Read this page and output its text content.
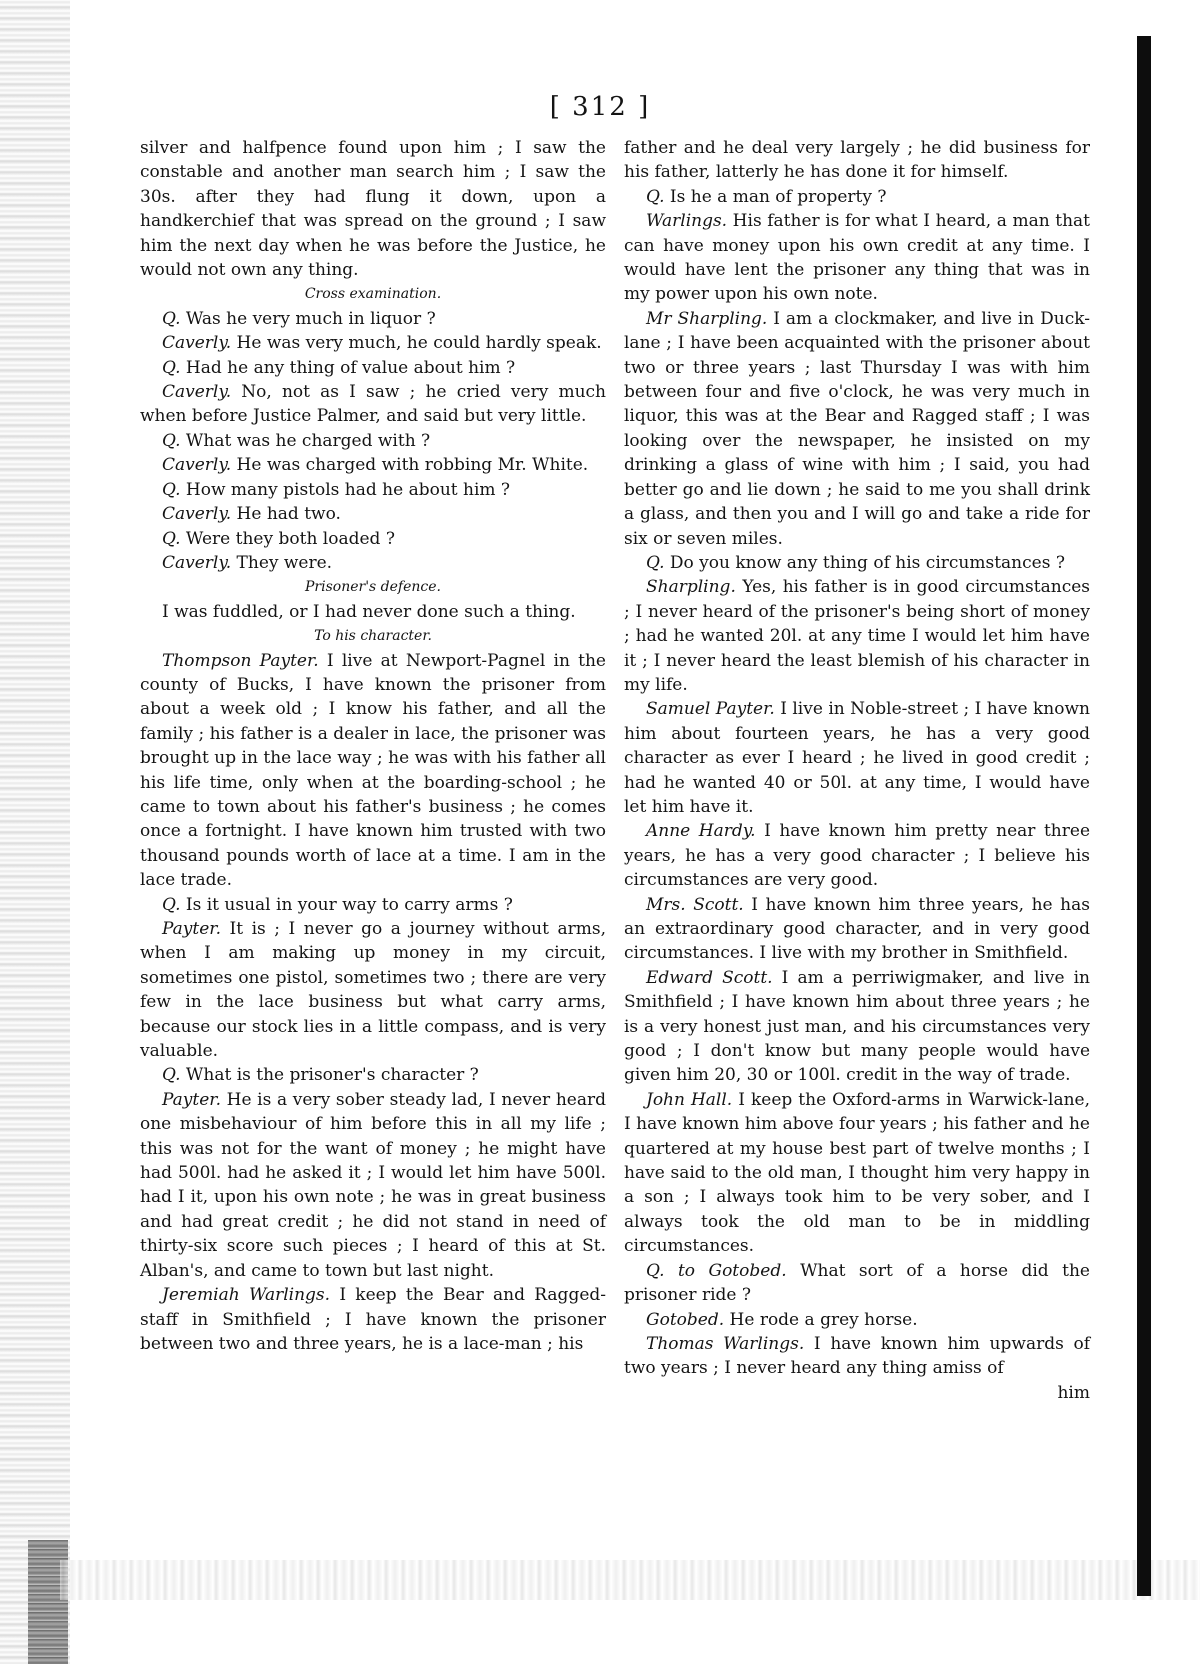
[ 312 ]

silver and halfpence found upon him ; I saw the constable and another man search him ; I saw the 30s. after they had flung it down, upon a handkerchief that was spread on the ground ; I saw him the next day when he was before the Justice, he would not own any thing.

Cross examination.

Q. Was he very much in liquor ?

Caverly. He was very much, he could hardly speak.

Q. Had he any thing of value about him ?

Caverly. No, not as I saw ; he cried very much when before Justice Palmer, and said but very little.

Q. What was he charged with ?

Caverly. He was charged with robbing Mr. White.

Q. How many pistols had he about him ?

Caverly. He had two.

Q. Were they both loaded ?

Caverly. They were.

Prisoner's defence.

I was fuddled, or I had never done such a thing.

To his character.

Thompson Payter. I live at Newport-Pagnel in the county of Bucks, I have known the prisoner from about a week old ; I know his father, and all the family ; his father is a dealer in lace, the prisoner was brought up in the lace way ; he was with his father all his life time, only when at the boarding-school ; he came to town about his father's business ; he comes once a fortnight. I have known him trusted with two thousand pounds worth of lace at a time. I am in the lace trade.

Q. Is it usual in your way to carry arms ?

Payter. It is ; I never go a journey without arms, when I am making up money in my circuit, sometimes one pistol, sometimes two ; there are very few in the lace business but what carry arms, because our stock lies in a little compass, and is very valuable.

Q. What is the prisoner's character ?

Payter. He is a very sober steady lad, I never heard one misbehaviour of him before this in all my life ; this was not for the want of money ; he might have had 500l. had he asked it ; I would let him have 500l. had I it, upon his own note ; he was in great business and had great credit ; he did not stand in need of thirty-six score such pieces ; I heard of this at St. Alban's, and came to town but last night.

Jeremiah Warlings. I keep the Bear and Ragged-staff in Smithfield ; I have known the prisoner between two and three years, he is a lace-man ; his

father and he deal very largely ; he did business for his father, latterly he has done it for himself.

Q. Is he a man of property ?

Warlings. His father is for what I heard, a man that can have money upon his own credit at any time. I would have lent the prisoner any thing that was in my power upon his own note.

Mr Sharpling. I am a clockmaker, and live in Duck-lane ; I have been acquainted with the prisoner about two or three years ; last Thursday I was with him between four and five o'clock, he was very much in liquor, this was at the Bear and Ragged staff ; I was looking over the newspaper, he insisted on my drinking a glass of wine with him ; I said, you had better go and lie down ; he said to me you shall drink a glass, and then you and I will go and take a ride for six or seven miles.

Q. Do you know any thing of his circumstances ?

Sharpling. Yes, his father is in good circumstances ; I never heard of the prisoner's being short of money ; had he wanted 20l. at any time I would let him have it ; I never heard the least blemish of his character in my life.

Samuel Payter. I live in Noble-street ; I have known him about fourteen years, he has a very good character as ever I heard ; he lived in good credit ; had he wanted 40 or 50l. at any time, I would have let him have it.

Anne Hardy. I have known him pretty near three years, he has a very good character ; I believe his circumstances are very good.

Mrs. Scott. I have known him three years, he has an extraordinary good character, and in very good circumstances. I live with my brother in Smithfield.

Edward Scott. I am a perriwigmaker, and live in Smithfield ; I have known him about three years ; he is a very honest just man, and his circumstances very good ; I don't know but many people would have given him 20, 30 or 100l. credit in the way of trade.

John Hall. I keep the Oxford-arms in Warwick-lane, I have known him above four years ; his father and he quartered at my house best part of twelve months ; I have said to the old man, I thought him very happy in a son ; I always took him to be very sober, and I always took the old man to be in middling circumstances.

Q. to Gotobed. What sort of a horse did the prisoner ride ?

Gotobed. He rode a grey horse.

Thomas Warlings. I have known him upwards of two years ; I never heard any thing amiss of

him
